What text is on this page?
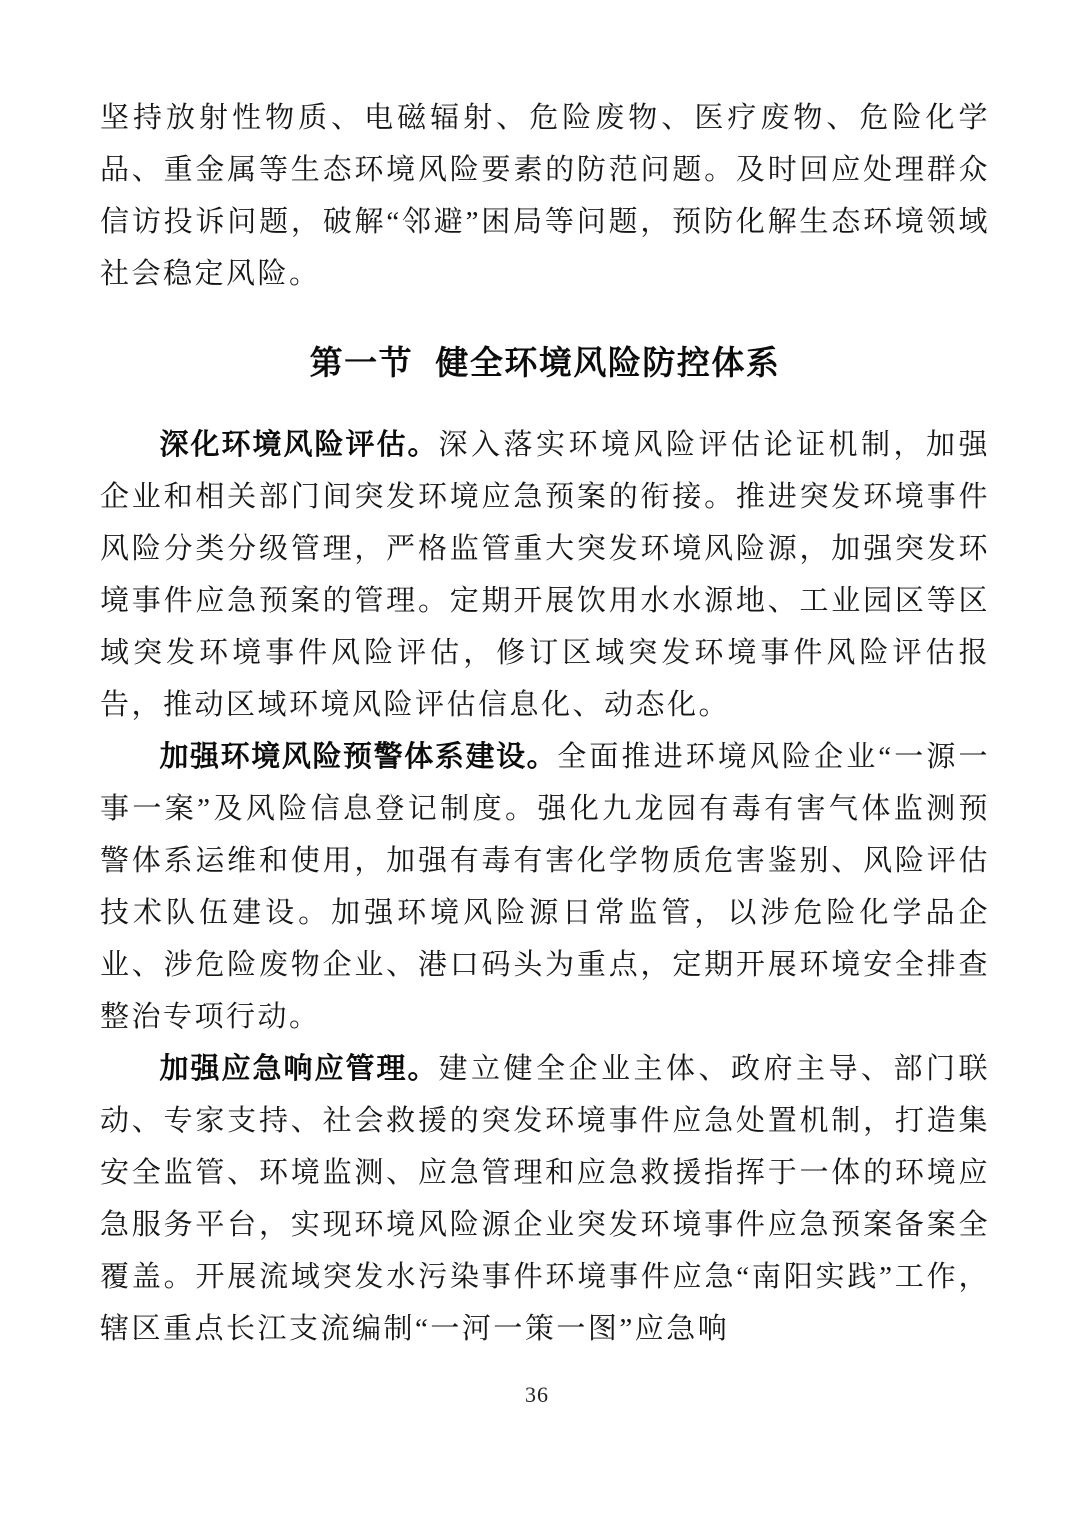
坚持放射性物质、电磁辐射、危险废物、医疗废物、危险化学品、重金属等生态环境风险要素的防范问题。及时回应处理群众信访投诉问题，破解“邻避”困局等问题，预防化解生态环境领域社会稳定风险。

第一节 健全环境风险防控体系

深化环境风险评估。深入落实环境风险评估论证机制，加强企业和相关部门间突发环境应急预案的衔接。推进突发环境事件风险分类分级管理，严格监管重大突发环境风险源，加强突发环境事件应急预案的管理。定期开展饮用水水源地、工业园区等区域突发环境事件风险评估，修订区域突发环境事件风险评估报告，推动区域环境风险评估信息化、动态化。

加强环境风险预警体系建设。全面推进环境风险企业“一源一事一案”及风险信息登记制度。强化九龙园有毒有害气体监测预警体系运维和使用，加强有毒有害化学物质危害鉴别、风险评估技术队伍建设。加强环境风险源日常监管，以涉危险化学品企业、涉危险废物企业、港口码头为重点，定期开展环境安全排查整治专项行动。

加强应急响应管理。建立健全企业主体、政府主导、部门联动、专家支持、社会救援的突发环境事件应急处置机制，打造集安全监管、环境监测、应急管理和应急救援指挥于一体的环境应急服务平台，实现环境风险源企业突发环境事件应急预案备案全覆盖。开展流域突发水污染事件环境事件应急“南阳实践”工作，辖区重点长江支流编制“一河一策一图”应急响

36
